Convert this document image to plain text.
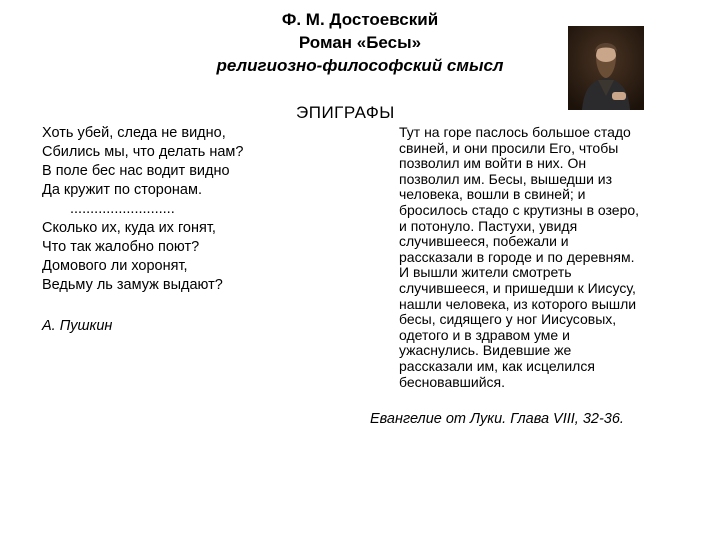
Ф. М. Достоевский
Роман «Бесы»
религиозно-философский смысл
ЭПИГРАФЫ
Хоть убей, следа не видно,
Сбились мы, что делать нам?
В поле бес нас водит видно
Да кружит по сторонам.
..........................
Сколько их, куда их гонят,
Что так жалобно поют?
Домового ли хоронят,
Ведьму ль замуж выдают?
А. Пушкин
Тут на горе паслось большое стадо
свиней, и они просили Его, чтобы
позволил им войти в них. Он
позволил им. Бесы, вышедши из
человека, вошли в свиней; и
бросилось стадо с крутизны в озеро,
и потонуло. Пастухи, увидя
случившееся, побежали и
рассказали в городе и по деревням.
И вышли жители смотреть
случившееся, и пришедши к Иисусу,
нашли человека, из которого вышли
бесы, сидящего у ног Иисусовых,
одетого и в здравом уме и
ужаснулись. Видевшие же
рассказали им, как исцелился
бесновавшийся.
Евангелие от Луки. Глава VIII, 32-36.
